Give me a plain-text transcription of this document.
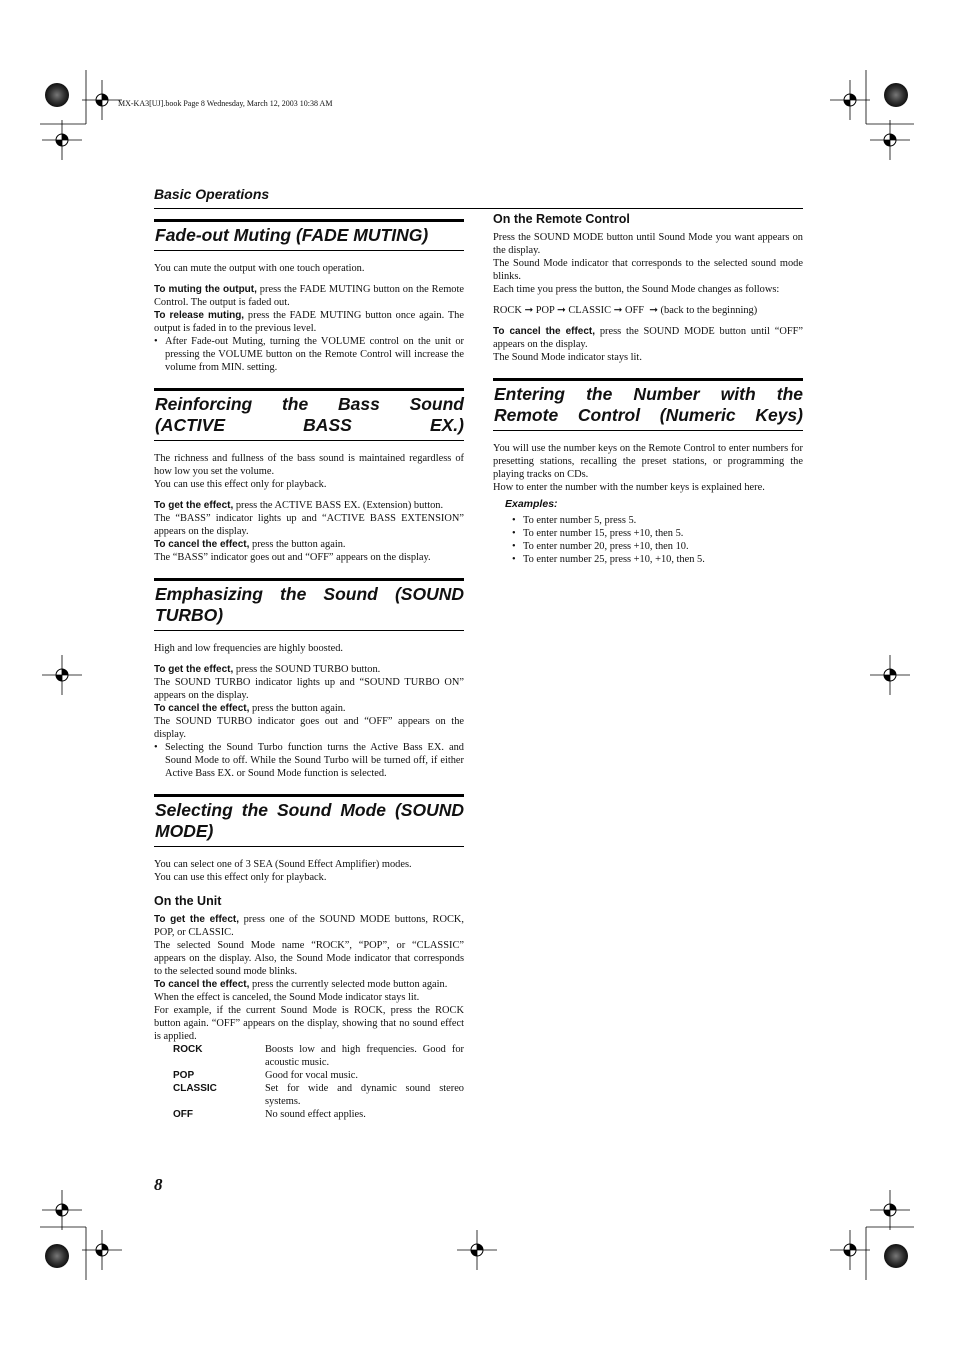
MX-KA3[UJ].book Page 8 Wednesday, March 12, 2003 10:38 AM
Basic Operations
Fade-out Muting (FADE MUTING)

You can mute the output with one touch operation.

To muting the output, press the FADE MUTING button on the Remote Control. The output is faded out.

To release muting, press the FADE MUTING button once again. The output is faded in to the previous level.

• After Fade-out Muting, turning the VOLUME control on the unit or pressing the VOLUME button on the Remote Control will increase the volume from MIN. setting.

Reinforcing the Bass Sound (ACTIVE BASS EX.)

The richness and fullness of the bass sound is maintained regardless of how low you set the volume.

You can use this effect only for playback.

To get the effect, press the ACTIVE BASS EX. (Extension) button.

The “BASS” indicator lights up and “ACTIVE BASS EXTENSION” appears on the display.

To cancel the effect, press the button again.

The “BASS” indicator goes out and “OFF” appears on the display.

Emphasizing the Sound (SOUND TURBO)

High and low frequencies are highly boosted.

To get the effect, press the SOUND TURBO button.

The SOUND TURBO indicator lights up and “SOUND TURBO ON” appears on the display.

To cancel the effect, press the button again.

The SOUND TURBO indicator goes out and “OFF” appears on the display.

• Selecting the Sound Turbo function turns the Active Bass EX. and Sound Mode to off. While the Sound Turbo will be turned off, if either Active Bass EX. or Sound Mode function is selected.

Selecting the Sound Mode (SOUND MODE)

You can select one of 3 SEA (Sound Effect Amplifier) modes.

You can use this effect only for playback.

On the Unit

To get the effect, press one of the SOUND MODE buttons, ROCK, POP, or CLASSIC.

The selected Sound Mode name “ROCK”, “POP”, or “CLASSIC” appears on the display. Also, the Sound Mode indicator that corresponds to the selected sound mode blinks.

To cancel the effect, press the currently selected mode button again.

When the effect is canceled, the Sound Mode indicator stays lit.

For example, if the current Sound Mode is ROCK, press the ROCK button again. “OFF” appears on the display, showing that no sound effect is applied.

ROCK	Boosts low and high frequencies. Good for acoustic music.
POP	Good for vocal music.
CLASSIC	Set for wide and dynamic sound stereo systems.
OFF	No sound effect applies.
On the Remote Control

Press the SOUND MODE button until Sound Mode you want appears on the display.

The Sound Mode indicator that corresponds to the selected sound mode blinks.

Each time you press the button, the Sound Mode changes as follows:

ROCK ➞ POP ➞ CLASSIC ➞ OFF  ➞ (back to the beginning)

To cancel the effect, press the SOUND MODE button until “OFF” appears on the display.

The Sound Mode indicator stays lit.

Entering the Number with the Remote Control (Numeric Keys)

You will use the number keys on the Remote Control to enter numbers for presetting stations, recalling the preset stations, or programming the playing tracks on CDs.

How to enter the number with the number keys is explained here.

Examples:

• To enter number 5, press 5.

• To enter number 15, press +10, then 5.

• To enter number 20, press +10, then 10.

• To enter number 25, press +10, +10, then 5.

8
